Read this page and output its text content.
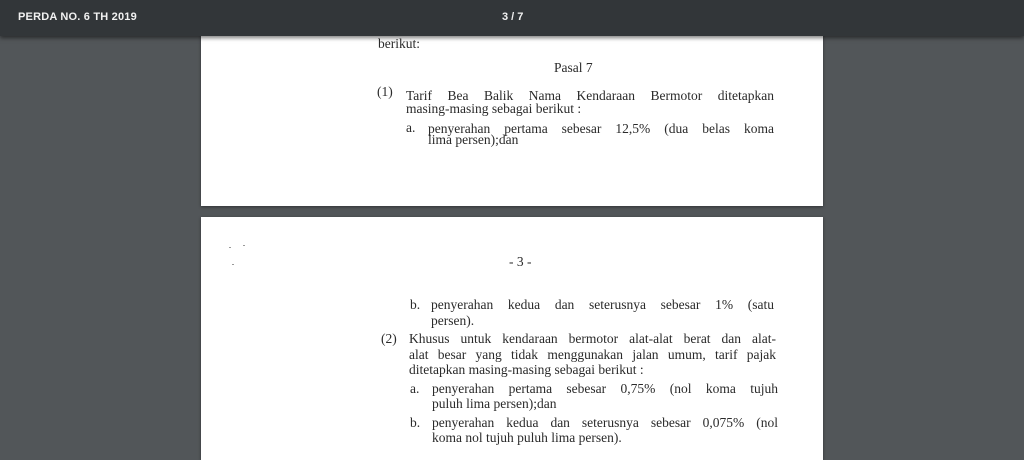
PERDA NO. 6 TH 2019	3 / 7
berikut:
Pasal 7
(1) Tarif Bea Balik Nama Kendaraan Bermotor ditetapkan
masing-masing sebagai berikut :
a. penyerahan pertama sebesar 12,5% (dua belas koma
lima persen);dan
- 3 -
b. penyerahan kedua dan seterusnya sebesar 1% (satu
persen).
(2) Khusus untuk kendaraan bermotor alat-alat berat dan alat-
alat besar yang tidak menggunakan jalan umum, tarif pajak
ditetapkan masing-masing sebagai berikut :
a. penyerahan pertama sebesar 0,75% (nol koma tujuh
puluh lima persen);dan
b. penyerahan kedua dan seterusnya sebesar 0,075% (nol
koma nol tujuh puluh lima persen).
